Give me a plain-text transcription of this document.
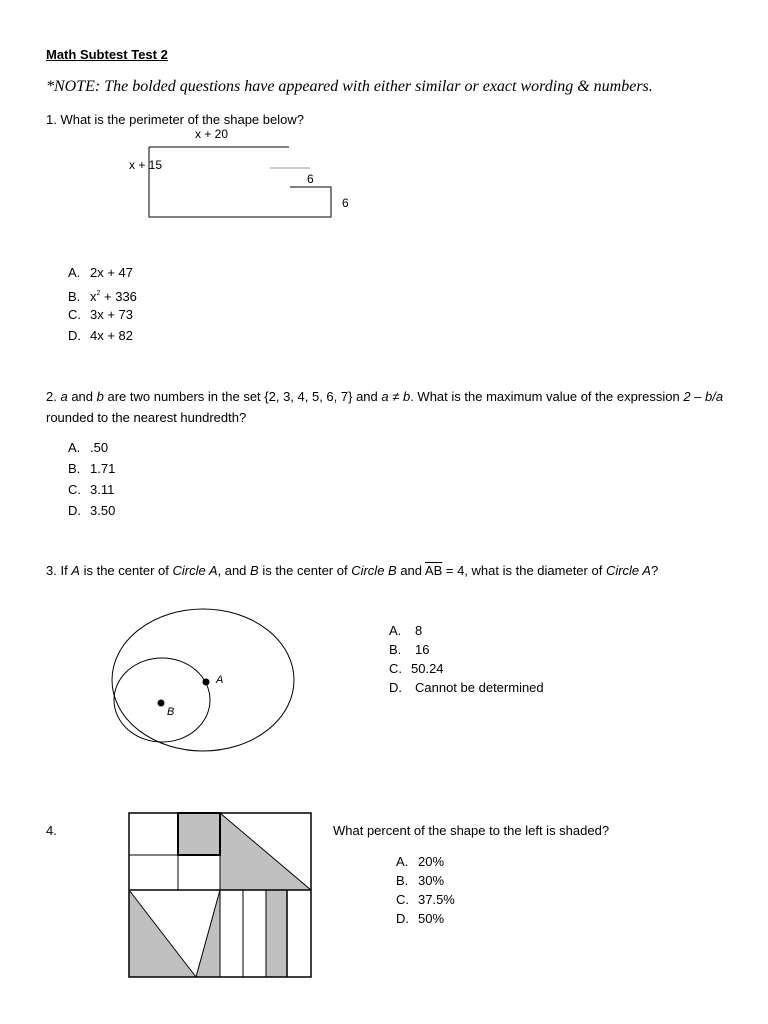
Math Subtest Test 2
*NOTE: The bolded questions have appeared with either similar or exact wording & numbers.
1. What is the perimeter of the shape below?
x + 20
x + 15
6
6
A. 2x + 47
B. $x^2 + 336$
C. 3x + 73
D. 4x + 82
2. a and b are two numbers in the set {2, 3, 4, 5, 6, 7} and a ≠ b. What is the maximum value of the expression 2 – b/a rounded to the nearest hundredth?
A. .50
B. 1.71
C. 3.11
D. 3.50
3. If A is the center of Circle A, and B is the center of Circle B and $\overline{AB} = 4$, what is the diameter of Circle A?
A
B
A. 8
B. 16
C. 50.24
D. Cannot be determined
4.	What percent of the shape to the left is shaded?
A. 20%
B. 30%
C. 37.5%
D. 50%
